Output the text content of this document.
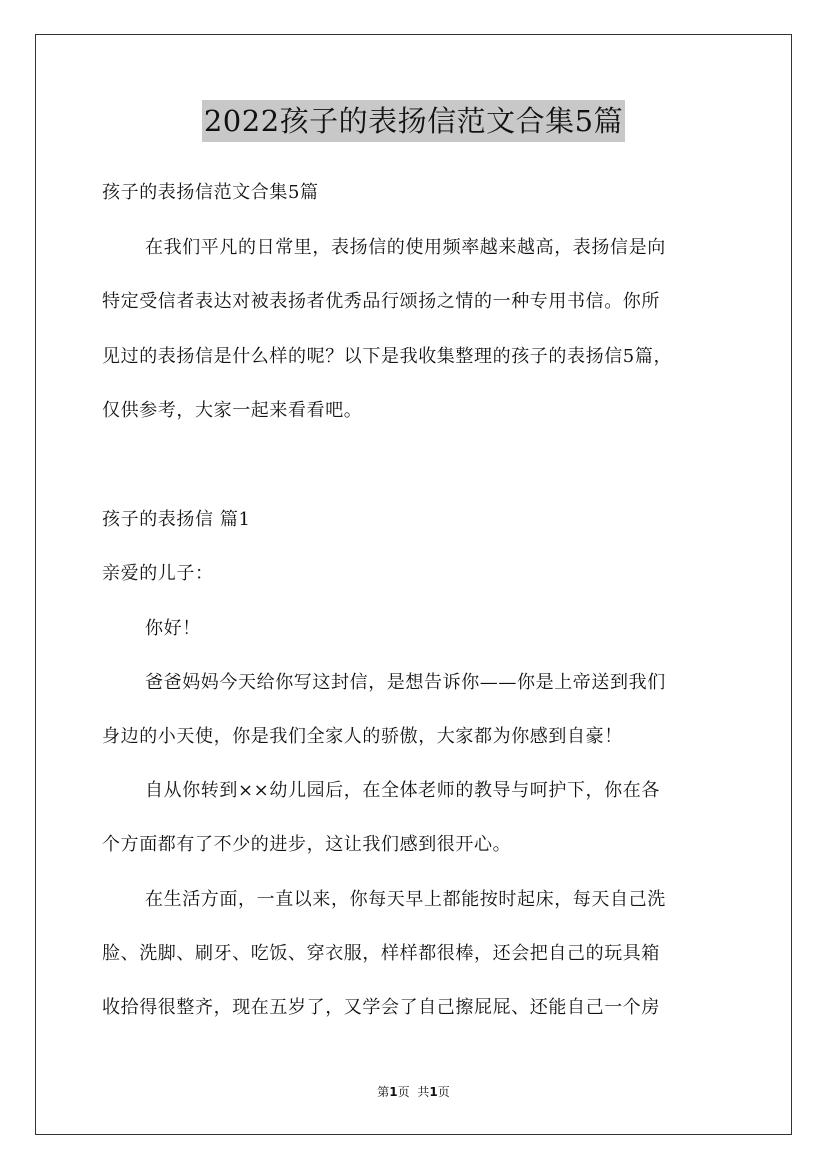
2022孩子的表扬信范文合集5篇
孩子的表扬信范文合集5篇
在我们平凡的日常里，表扬信的使用频率越来越高，表扬信是向
特定受信者表达对被表扬者优秀品行颂扬之情的一种专用书信。你所
见过的表扬信是什么样的呢？以下是我收集整理的孩子的表扬信5篇，
仅供参考，大家一起来看看吧。
孩子的表扬信 篇1
亲爱的儿子：
你好！
爸爸妈妈今天给你写这封信，是想告诉你——你是上帝送到我们
身边的小天使，你是我们全家人的骄傲，大家都为你感到自豪！
自从你转到××幼儿园后，在全体老师的教导与呵护下，你在各
个方面都有了不少的进步，这让我们感到很开心。
在生活方面，一直以来，你每天早上都能按时起床，每天自己洗
脸、洗脚、刷牙、吃饭、穿衣服，样样都很棒，还会把自己的玩具箱
收拾得很整齐，现在五岁了，又学会了自己擦屁屁、还能自己一个房
第1页 共1页
